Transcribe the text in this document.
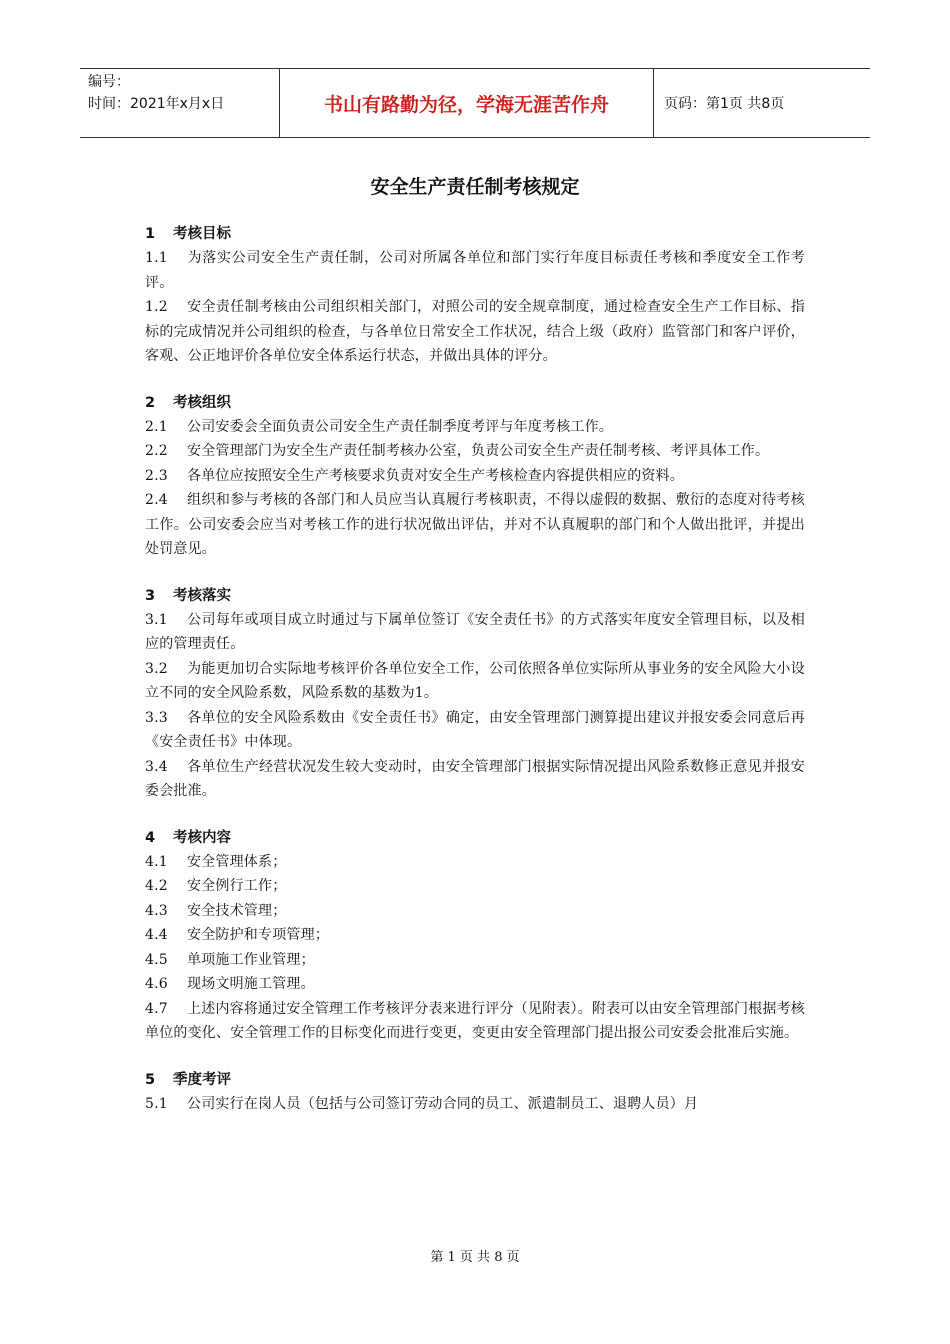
编号：
时间：2021年x月x日	书山有路勤为径，学海无涯苦作舟	页码：第1页 共8页
安全生产责任制考核规定
1 考核目标
1.1 为落实公司安全生产责任制，公司对所属各单位和部门实行年度目标责任考核和季度安全工作考评。
1.2 安全责任制考核由公司组织相关部门，对照公司的安全规章制度，通过检查安全生产工作目标、指标的完成情况并公司组织的检查，与各单位日常安全工作状况，结合上级（政府）监管部门和客户评价，客观、公正地评价各单位安全体系运行状态，并做出具体的评分。
2 考核组织
2.1 公司安委会全面负责公司安全生产责任制季度考评与年度考核工作。
2.2 安全管理部门为安全生产责任制考核办公室，负责公司安全生产责任制考核、考评具体工作。
2.3 各单位应按照安全生产考核要求负责对安全生产考核检查内容提供相应的资料。
2.4 组织和参与考核的各部门和人员应当认真履行考核职责，不得以虚假的数据、敷衍的态度对待考核工作。公司安委会应当对考核工作的进行状况做出评估，并对不认真履职的部门和个人做出批评，并提出处罚意见。
3 考核落实
3.1 公司每年或项目成立时通过与下属单位签订《安全责任书》的方式落实年度安全管理目标，以及相应的管理责任。
3.2 为能更加切合实际地考核评价各单位安全工作，公司依照各单位实际所从事业务的安全风险大小设立不同的安全风险系数，风险系数的基数为1。
3.3 各单位的安全风险系数由《安全责任书》确定，由安全管理部门测算提出建议并报安委会同意后再《安全责任书》中体现。
3.4 各单位生产经营状况发生较大变动时，由安全管理部门根据实际情况提出风险系数修正意见并报安委会批准。
4 考核内容
4.1 安全管理体系；
4.2 安全例行工作；
4.3 安全技术管理；
4.4 安全防护和专项管理；
4.5 单项施工作业管理；
4.6 现场文明施工管理。
4.7 上述内容将通过安全管理工作考核评分表来进行评分（见附表）。附表可以由安全管理部门根据考核单位的变化、安全管理工作的目标变化而进行变更，变更由安全管理部门提出报公司安委会批准后实施。
5 季度考评
5.1 公司实行在岗人员（包括与公司签订劳动合同的员工、派遣制员工、退聘人员）月
第 1 页 共 8 页
